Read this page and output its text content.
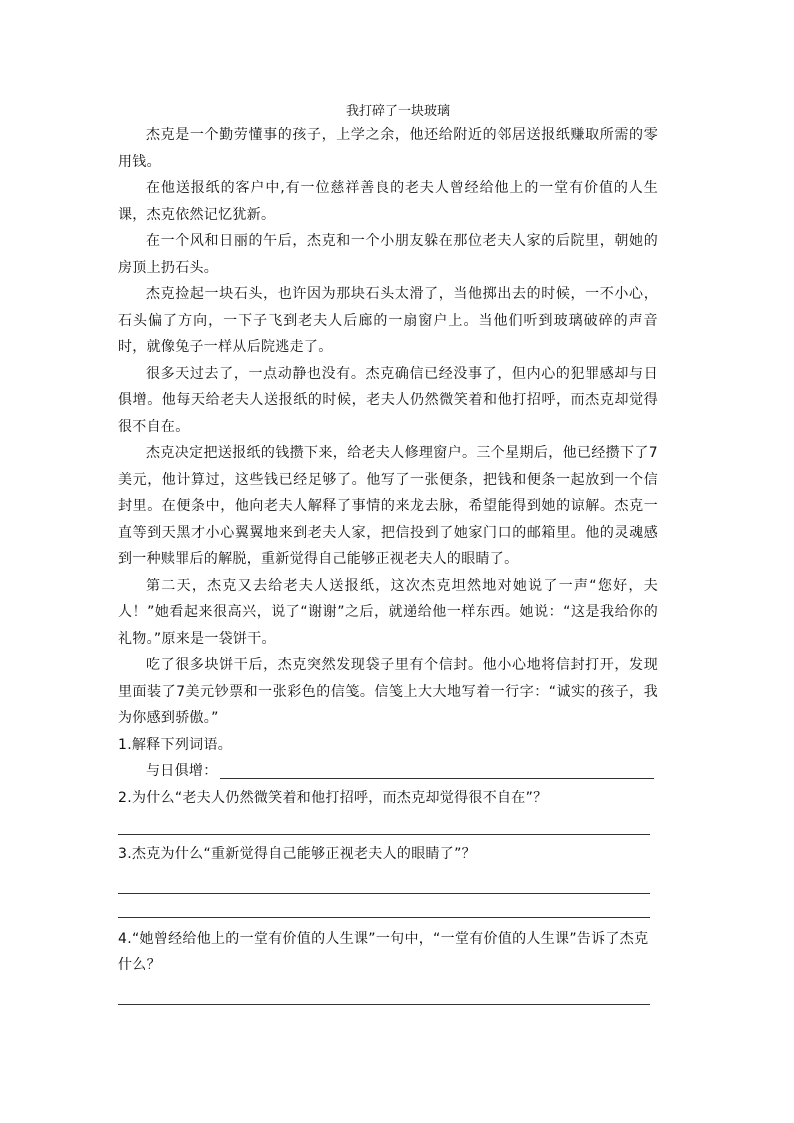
我打碎了一块玻璃

杰克是一个勤劳懂事的孩子，上学之余，他还给附近的邻居送报纸赚取所需的零用钱。

在他送报纸的客户中,有一位慈祥善良的老夫人曾经给他上的一堂有价值的人生课，杰克依然记忆犹新。

在一个风和日丽的午后，杰克和一个小朋友躲在那位老夫人家的后院里，朝她的房顶上扔石头。

杰克捡起一块石头，也许因为那块石头太滑了，当他掷出去的时候，一不小心，石头偏了方向，一下子飞到老夫人后廊的一扇窗户上。当他们听到玻璃破碎的声音时，就像兔子一样从后院逃走了。

很多天过去了，一点动静也没有。杰克确信已经没事了，但内心的犯罪感却与日俱增。他每天给老夫人送报纸的时候，老夫人仍然微笑着和他打招呼，而杰克却觉得很不自在。

杰克决定把送报纸的钱攒下来，给老夫人修理窗户。三个星期后，他已经攒下了7美元，他计算过，这些钱已经足够了。他写了一张便条，把钱和便条一起放到一个信封里。在便条中，他向老夫人解释了事情的来龙去脉，希望能得到她的谅解。杰克一直等到天黑才小心翼翼地来到老夫人家，把信投到了她家门口的邮箱里。他的灵魂感到一种赎罪后的解脱，重新觉得自己能够正视老夫人的眼睛了。

第二天，杰克又去给老夫人送报纸，这次杰克坦然地对她说了一声“您好，夫人！”她看起来很高兴，说了“谢谢”之后，就递给他一样东西。她说：“这是我给你的礼物。”原来是一袋饼干。

吃了很多块饼干后，杰克突然发现袋子里有个信封。他小心地将信封打开，发现里面装了7美元钞票和一张彩色的信笺。信笺上大大地写着一行字：“诚实的孩子，我为你感到骄傲。”

1.解释下列词语。

与日俱增：

2.为什么“老夫人仍然微笑着和他打招呼，而杰克却觉得很不自在”？

3.杰克为什么“重新觉得自己能够正视老夫人的眼睛了”？

4.“她曾经给他上的一堂有价值的人生课”一句中，“一堂有价值的人生课”告诉了杰克什么？
